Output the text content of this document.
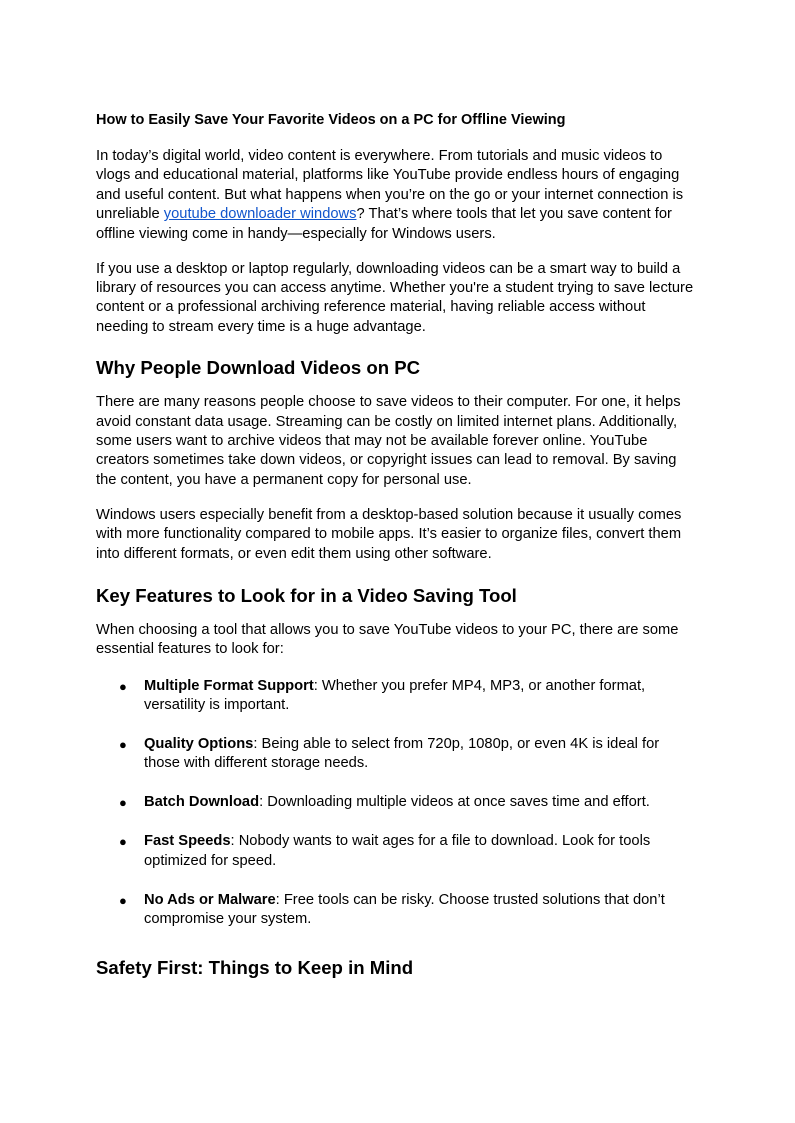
How to Easily Save Your Favorite Videos on a PC for Offline Viewing

In today’s digital world, video content is everywhere. From tutorials and music videos to vlogs and educational material, platforms like YouTube provide endless hours of engaging and useful content. But what happens when you’re on the go or your internet connection is unreliable youtube downloader windows? That’s where tools that let you save content for offline viewing come in handy—especially for Windows users.

If you use a desktop or laptop regularly, downloading videos can be a smart way to build a library of resources you can access anytime. Whether you're a student trying to save lecture content or a professional archiving reference material, having reliable access without needing to stream every time is a huge advantage.

Why People Download Videos on PC

There are many reasons people choose to save videos to their computer. For one, it helps avoid constant data usage. Streaming can be costly on limited internet plans. Additionally, some users want to archive videos that may not be available forever online. YouTube creators sometimes take down videos, or copyright issues can lead to removal. By saving the content, you have a permanent copy for personal use.

Windows users especially benefit from a desktop-based solution because it usually comes with more functionality compared to mobile apps. It’s easier to organize files, convert them into different formats, or even edit them using other software.

Key Features to Look for in a Video Saving Tool

When choosing a tool that allows you to save YouTube videos to your PC, there are some essential features to look for:

● Multiple Format Support: Whether you prefer MP4, MP3, or another format, versatility is important.
● Quality Options: Being able to select from 720p, 1080p, or even 4K is ideal for those with different storage needs.
● Batch Download: Downloading multiple videos at once saves time and effort.
● Fast Speeds: Nobody wants to wait ages for a file to download. Look for tools optimized for speed.
● No Ads or Malware: Free tools can be risky. Choose trusted solutions that don’t compromise your system.
Safety First: Things to Keep in Mind
